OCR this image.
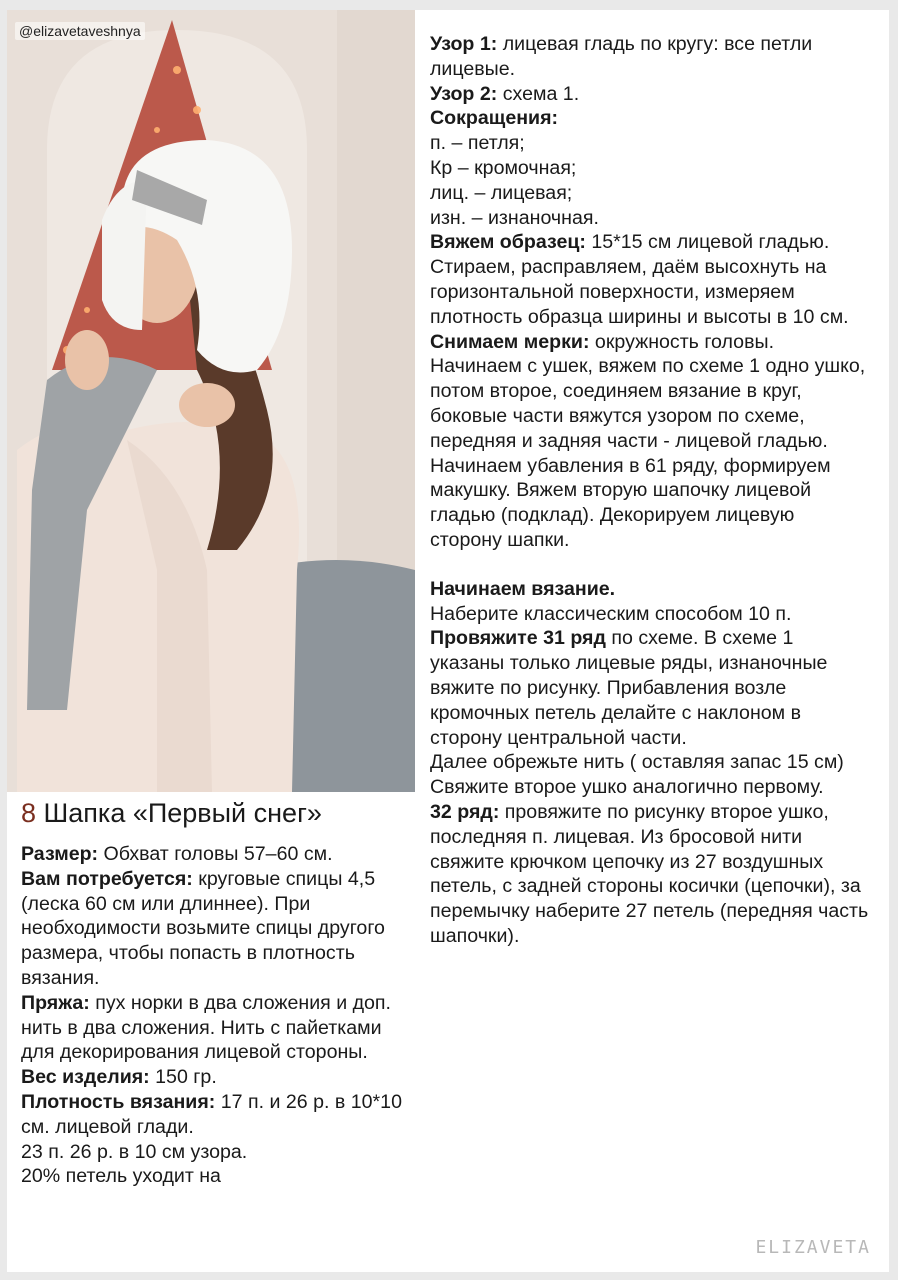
@elizavetaveshnya
8 Шапка «Первый снег»

Размер: Обхват головы 57–60 см.

Вам потребуется: круговые спицы 4,5 (леска 60 см или длиннее). При необходимости возьмите спицы другого размера, чтобы попасть в плотность вязания.

Пряжа: пух норки в два сложения и доп. нить в два сложения. Нить с пайетками для декорирования лицевой стороны.

Вес изделия: 150 гр.

Плотность вязания: 17 п. и 26 р. в 10*10 см. лицевой глади.

23 п. 26 р. в 10 см узора.

20% петель уходит на

Узор 1: лицевая гладь по кругу: все петли лицевые.

Узор 2: схема 1.

Сокращения:

п. – петля;

Кр – кромочная;

лиц. – лицевая;

изн. – изнаночная.

Вяжем образец: 15*15 см лицевой гладью.

Стираем, расправляем, даём высохнуть на горизонтальной поверхности, измеряем плотность образца ширины и высоты в 10 см.

Снимаем мерки: окружность головы. Начинаем с ушек, вяжем по схеме 1 одно ушко, потом второе, соединяем вязание в круг, боковые части вяжутся узором по схеме, передняя и задняя части - лицевой гладью. Начинаем убавления в 61 ряду, формируем макушку. Вяжем вторую шапочку лицевой гладью (подклад). Декорируем лицевую сторону шапки.

Начинаем вязание.

Наберите классическим способом 10 п.

Провяжите 31 ряд по схеме. В схеме 1 указаны только лицевые ряды, изнаночные вяжите по рисунку. Прибавления возле кромочных петель делайте с наклоном в сторону центральной части.

Далее обрежьте нить ( оставляя запас 15 см)

Свяжите второе ушко аналогично первому.

32 ряд: провяжите по рисунку второе ушко, последняя п. лицевая. Из бросовой нити свяжите крючком цепочку из 27 воздушных петель, с задней стороны косички (цепочки), за перемычку наберите 27 петель (передняя часть шапочки).

ELIZAVETA
